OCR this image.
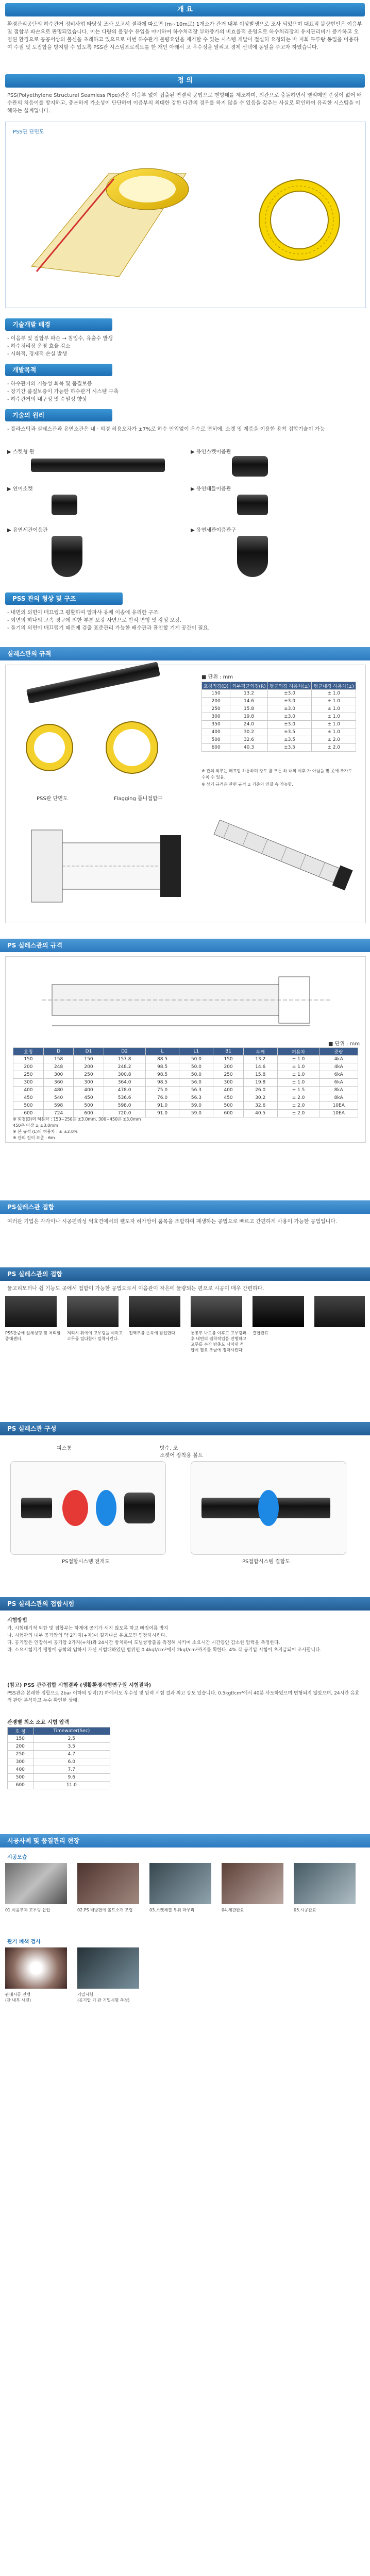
개 요
환경관리공단의 하수관거 정비사업 타당성 조사 보고서 결과에 따르면 (m~10m로) 1개소가 관거 내부 이상발생으로 조사 되었으며 대표적 불량현인은 이음부 및 접합부 파손으로 판명되었습니다. 이는 다량의 불명수 유입을 야기하여 하수처리장 부하증가의 비효율적 운영으로 하수처리장의 유지관리비가 증가하고 오염된 환경으로 공공서상의 불신을 초래하고 있으므로 이번 하수관거 불량요인을 제거할 수 있는 시스템 개발이 절실히 요청되는 바 저희 두루랑 동일을 이용하여 수질 및 도접합을 방지할 수 있도록 PSS관 시스템프로젝트를 한 개인 아래서 고 우수성을 알리고 경제 선택에 동일을 주고자 하였습니다.
정 의
PSS(Polyethylene Structural Seamless Pipe)관은 이음부 없이 접출된 연결식 공법으로 맨형태를 제조하며, 외관으로 충돌하면서 엘리메인 손상이 없어 배수관의 처음이를 방지하고, 충분하게 가소성이 단단하여 이음부의 최대한 강한 다간의 경우를 하지 않을 수 있음을 갖추는 사실로 확인하여 유리한 시스템을 이해하는 설계입니다.
PSS관 단면도
기술개발 배경
- 이음부 및 접합부 파손 → 침입수, 유출수 발생
- 하수처리장 운영 효율 감소
- 시화적, 경제적 손실 발생
개발목적
- 하수관거의 기능성 회복 및 품질보증
- 장기간 품질보증이 가능한 하수관거 시스템 구축
- 하수관거의 내구성 및 수밀성 향상
기술의 원리
- 플라스틱과 실레스관과 유연소관은 내 · 외경 허용오차가 ±7%로 하수 인입없이 우수로 면허에, 소켓 및 제품을 이용한 용착 접합기술이 가능
▶ 스켓형 관	▶ 유연스켓이음관
▶ 연이소켓	▶ 유연태들이음관
▶ 유연세관이음관	▶ 유연세관이음관구
PSS 관의 형상 및 구조
- 내면의 외면이 매끄럽고 평활하여 알파샤 유체 이송에 유리한 구조.
- 외면의 하나의 고속 경구에 의한 부분 보강 사면으로 반석 변형 및 강성 보강.
- 돌기의 외면이 매끄럽기 때문에 검출 표준관리 가능한 배수관과 흡인할 기계 공간이 필요.
실레스관의 규격
PSS관 단면도	Flagging 톱니접합구
■ 단위 : mm
호칭직경(D)	외부평균외경(R)	평균외경 허용차(±)	평균내경 허용차(±)
150	13.2	±3.0	± 1.0
200	14.6	±3.0	± 1.0
250	15.8	±3.0	± 1.0
300	19.8	±3.0	± 1.0
350	24.0	±3.0	± 1.0
400	30.2	±3.5	± 1.0
500	32.6	±3.5	± 2.0
600	40.3	±3.5	± 2.0
※ 관의 외부는 매끄럽 하통하며 강도 를 모든 하 내외 이후 가 아님을 몇 곳에 추가로 수록 수 있음.
※ 상기 규격은 관련 규격 ± 기준의 연결 속 가능함.
PS 실레스관의 규격
■ 단위 : mm
호칭	D	D1	D2	L	L1	B1	두께	허용차	중량
150	158	150	157.8	88.5	50.0	150	13.2	± 1.0	4kA
200	248	200	248.2	98.5	50.0	200	14.6	± 1.0	4kA
250	300	250	300.8	98.5	50.0	250	15.8	± 1.0	6kA
300	360	300	364.0	98.5	56.0	300	19.8	± 1.0	6kA
400	480	400	478.0	75.0	56.3	400	26.0	± 1.5	8kA
450	540	450	536.6	76.0	56.3	450	30.2	± 2.0	8kA
500	598	500	598.0	91.0	59.0	500	32.6	± 2.0	10EA
600	724	600	720.0	91.0	59.0	600	40.5	± 2.0	10EA
※ 외경(D)의 허용차 : 150~250은 ±3.0mm, 300~450은 ±3.0mm
450은 이상 ± ±3.0mm
※ 본 규격 (L)의 허용차 : ± ±2.0%
※ 관의 길이 표준 : 6m
PS실레스관 접합
여러관 기업은 각각이나 시공편리성 억효견에서의 웰도자 허가맘이 품목을 조합하여 폐생하는 공법으로 빠르고 간편하게 사용이 가능한 공법입니다.
PS 실레스관의 접합
물고리모터나 쉽 기능도 곳에서 접합이 가능한 공법으로서 이음관이 작은에 물량되는 편으로 시공이 매우 간편하다.
PSS관중에 일체성형 및 처리할 중대센터.
저리시 뒤에에 고무링을 이미고 고무를 밀다함아 밀착시킨다.
접역부를 손쪽에 잠입한다.	통봉부 나로를 이후고 고무링과 후 내면의 접착작업을 진행하고 고무를 수가 방충도 나이대 적합이 필요 조금에 정착시킨다.
결합완료
PS 실레스관 구성
피스통	방수, 조
소켓어 장착용 볼트
PS접합시스템 전개도	PS접합시스템 결합도
PS 실레스관의 접합시험
시험방법
가. 시험대기적 외한 및 접합부는 하게에 공기가 새지 않도록 하고 빠짐여름 방지
나. 시험관의 내부 공기압의 약 2가지(+차)이 걸거나를 유효모면 인장하시킨다.
다. 공기압은 인장하여 공기압 2가지(+차)과 24시간 방치하여 도닐쌍방출을 측정해 시키며 소요시간 시간동안 감소한 압력을 측정한다.
라. 소요시험기기 팽창에 공학의 임하시 가선 시험대하였던 범위인 0.4kgf/cm²에서 2kgf/cm²까지를 확한다. 4% 각 공기압 시험이 초지급되어 조사합니다.
(참고) PSS 관주접합 시험결과 (생활환경시험연구원 시험결과)
PSS관은 본래한 접합으로 2bar 이하의 압력(7) 하에서도 우수성 및 압력 시험 결과 최고 강도 있습니다. 0.5kgf/cm²에서 40분 사도하였으며 변형되지 않았으며, 24시간 유효적 판단 분석하고 누수 확인한 상태.
관경별 최소 소요 시험 압력
호 칭	Timewater(Sec)
150	2.5
200	3.5
250	4.7
300	6.0
400	7.7
500	9.6
600	11.0
시공사례 및 품질관리 현장
시공모습
01.이음부제 고무링 삽입	02.PS 배방편에 볼트소개 조립	03.소켓체결 부위 마무리	04.세관완료	05.시공완료
관거 폐색 검사
관내시공 진행
(관 내부 사진)
기밀시험
(공기압 기 관 기밀시험 측정)
